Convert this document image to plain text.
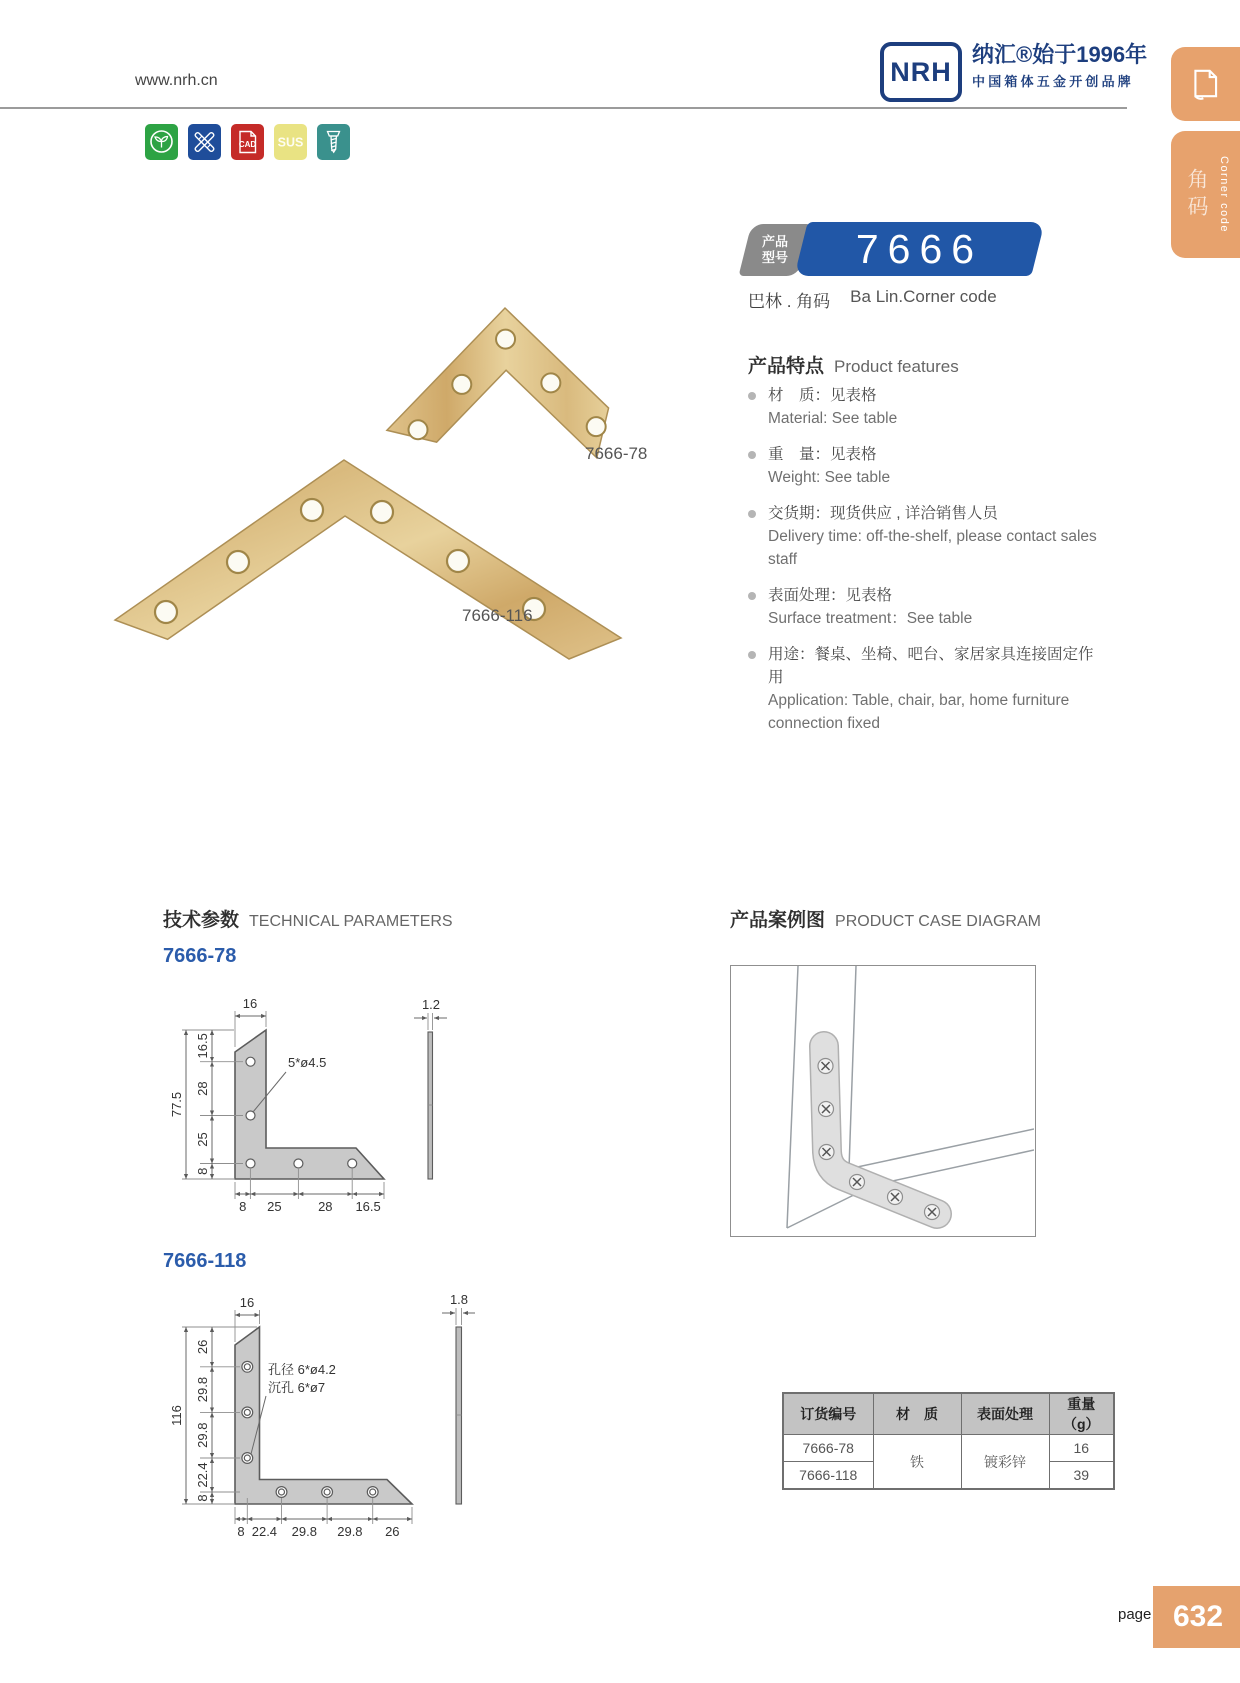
www.nrh.cn	NRH
纳汇®始于1996年
中国箱体五金开创品牌
CAD SUS
角码 Corner code
产品
型号 7666
巴林 . 角码 Ba Lin.Corner code
7666-78
7666-116
产品特点 Product features
材　质：见表格
Material: See table
重　量：见表格
Weight: See table
交货期：现货供应 , 详洽销售人员
Delivery time: off-the-shelf, please contact sales staff
表面处理：见表格
Surface treatment：See table
用途：餐桌、坐椅、吧台、家居家具连接固定作用
Application: Table, chair, bar, home furniture connection fixed
技术参数 TECHNICAL PARAMETERS	产品案例图 PRODUCT CASE DIAGRAM
7666-78
16
16.5
28
25
8
77.5
8 25	28 16.5
5*ø4.5
1.2
7666-118
16
26
29.8
29.8
22.4
8
116
8 22.4 29.8 29.8 26
孔径 6*ø4.2
沉孔 6*ø7
1.8
订货编号	材　质	表面处理	重量（g）
7666-78	铁	镀彩锌	16
7666-118			39
page 632
